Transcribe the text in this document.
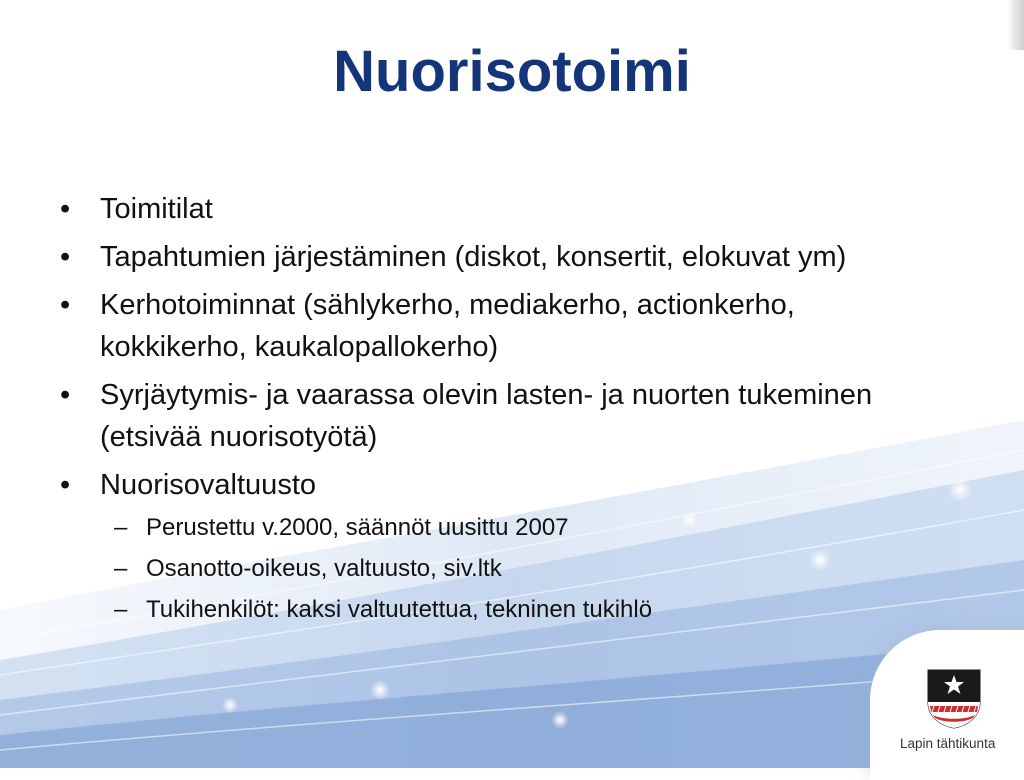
Nuorisotoimi
• Toimitilat
• Tapahtumien järjestäminen (diskot, konsertit, elokuvat ym)
• Kerhotoiminnat (sählykerho, mediakerho, actionkerho, kokkikerho, kaukalopallokerho)
• Syrjäytymis- ja vaarassa olevin lasten- ja nuorten tukeminen (etsivää nuorisotyötä)
• Nuorisovaltuusto
– Perustettu v.2000, säännöt uusittu 2007
– Osanotto-oikeus, valtuusto, siv.ltk
– Tukihenkilöt: kaksi valtuutettua, tekninen tukihlö
Lapin tähtikunta
